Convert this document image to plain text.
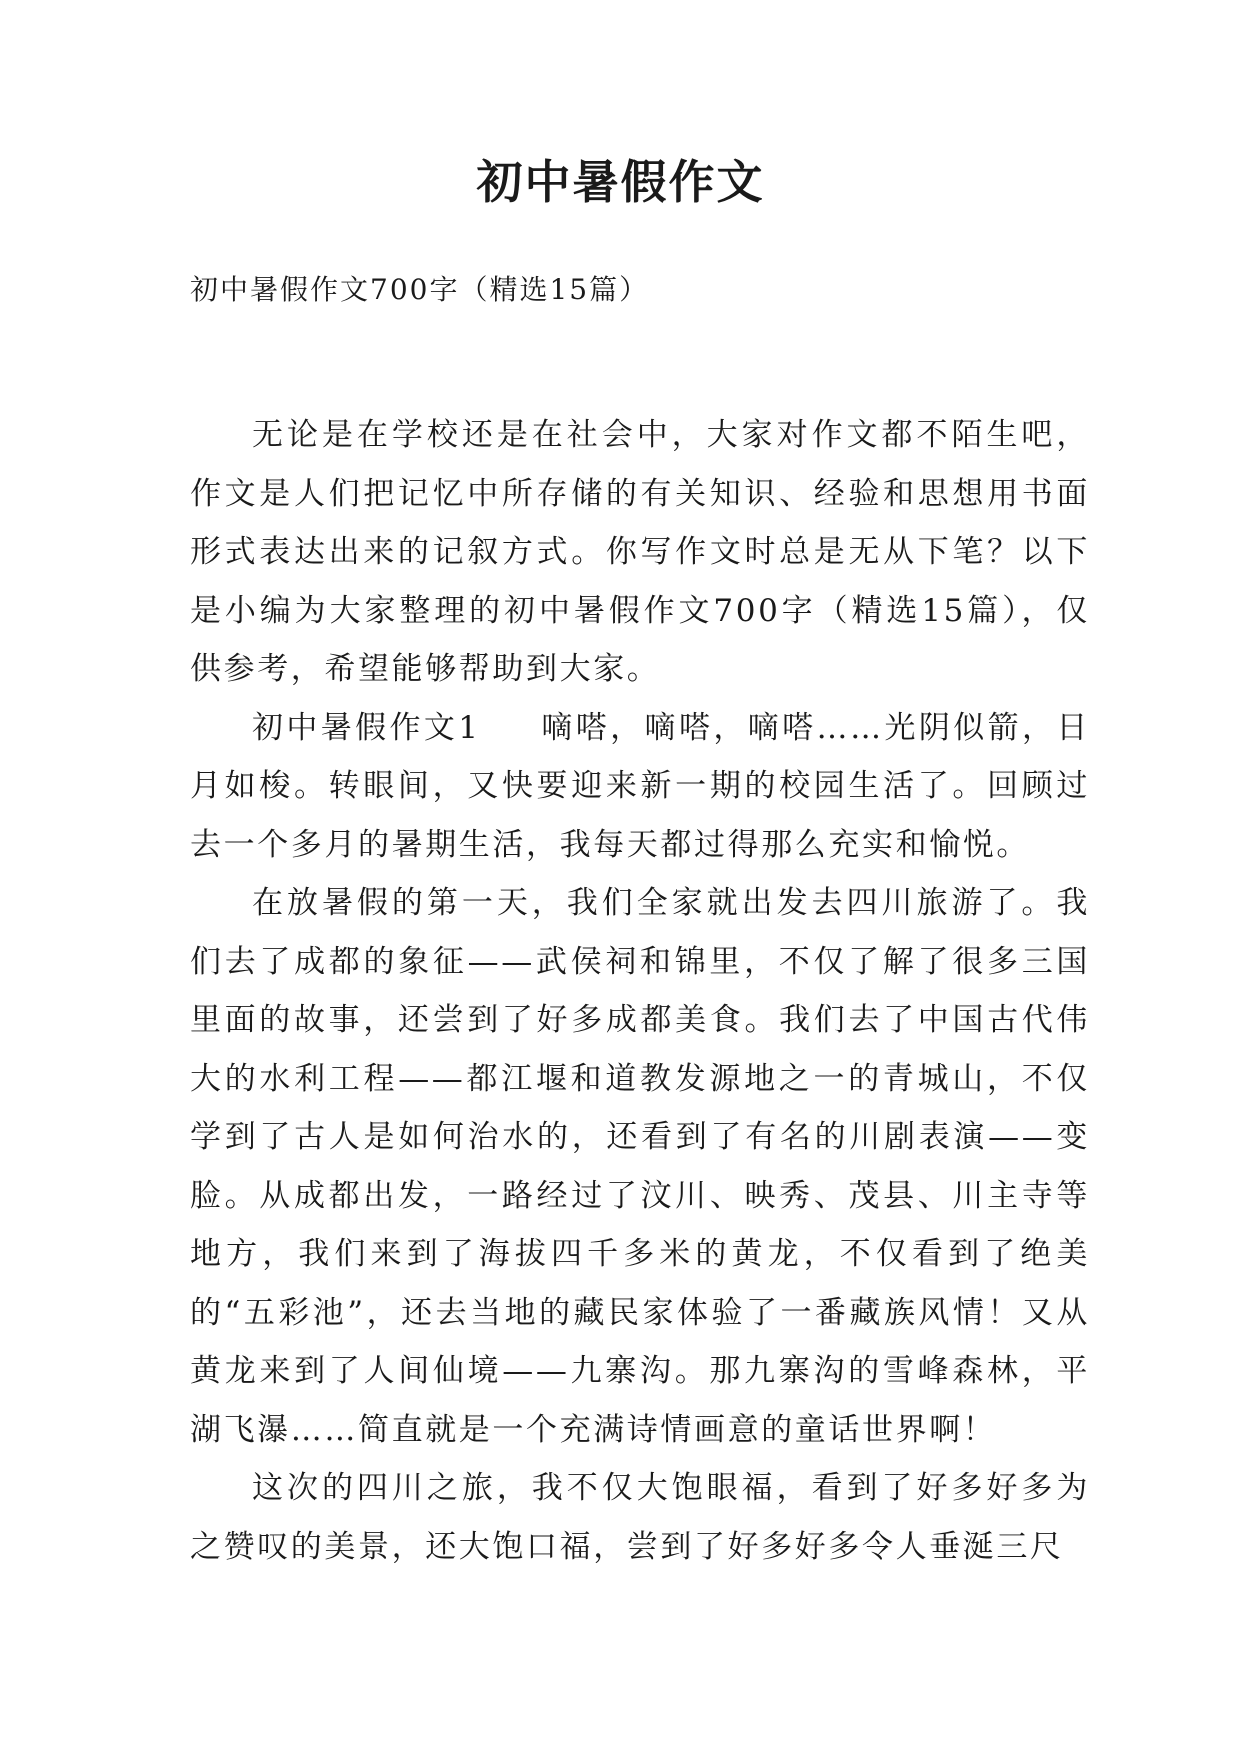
初中暑假作文
初中暑假作文700字（精选15篇）

无论是在学校还是在社会中，大家对作文都不陌生吧，作文是人们把记忆中所存储的有关知识、经验和思想用书面形式表达出来的记叙方式。你写作文时总是无从下笔？以下是小编为大家整理的初中暑假作文700字（精选15篇），仅供参考，希望能够帮助到大家。

初中暑假作文1 嘀嗒，嘀嗒，嘀嗒……光阴似箭，日月如梭。转眼间，又快要迎来新一期的校园生活了。回顾过去一个多月的暑期生活，我每天都过得那么充实和愉悦。

在放暑假的第一天，我们全家就出发去四川旅游了。我们去了成都的象征——武侯祠和锦里，不仅了解了很多三国里面的故事，还尝到了好多成都美食。我们去了中国古代伟大的水利工程——都江堰和道教发源地之一的青城山，不仅学到了古人是如何治水的，还看到了有名的川剧表演——变脸。从成都出发，一路经过了汶川、映秀、茂县、川主寺等地方，我们来到了海拔四千多米的黄龙，不仅看到了绝美的“五彩池”，还去当地的藏民家体验了一番藏族风情！又从黄龙来到了人间仙境——九寨沟。那九寨沟的雪峰森林，平湖飞瀑……简直就是一个充满诗情画意的童话世界啊！

这次的四川之旅，我不仅大饱眼福，看到了好多好多为之赞叹的美景，还大饱口福，尝到了好多好多令人垂涎三尺
